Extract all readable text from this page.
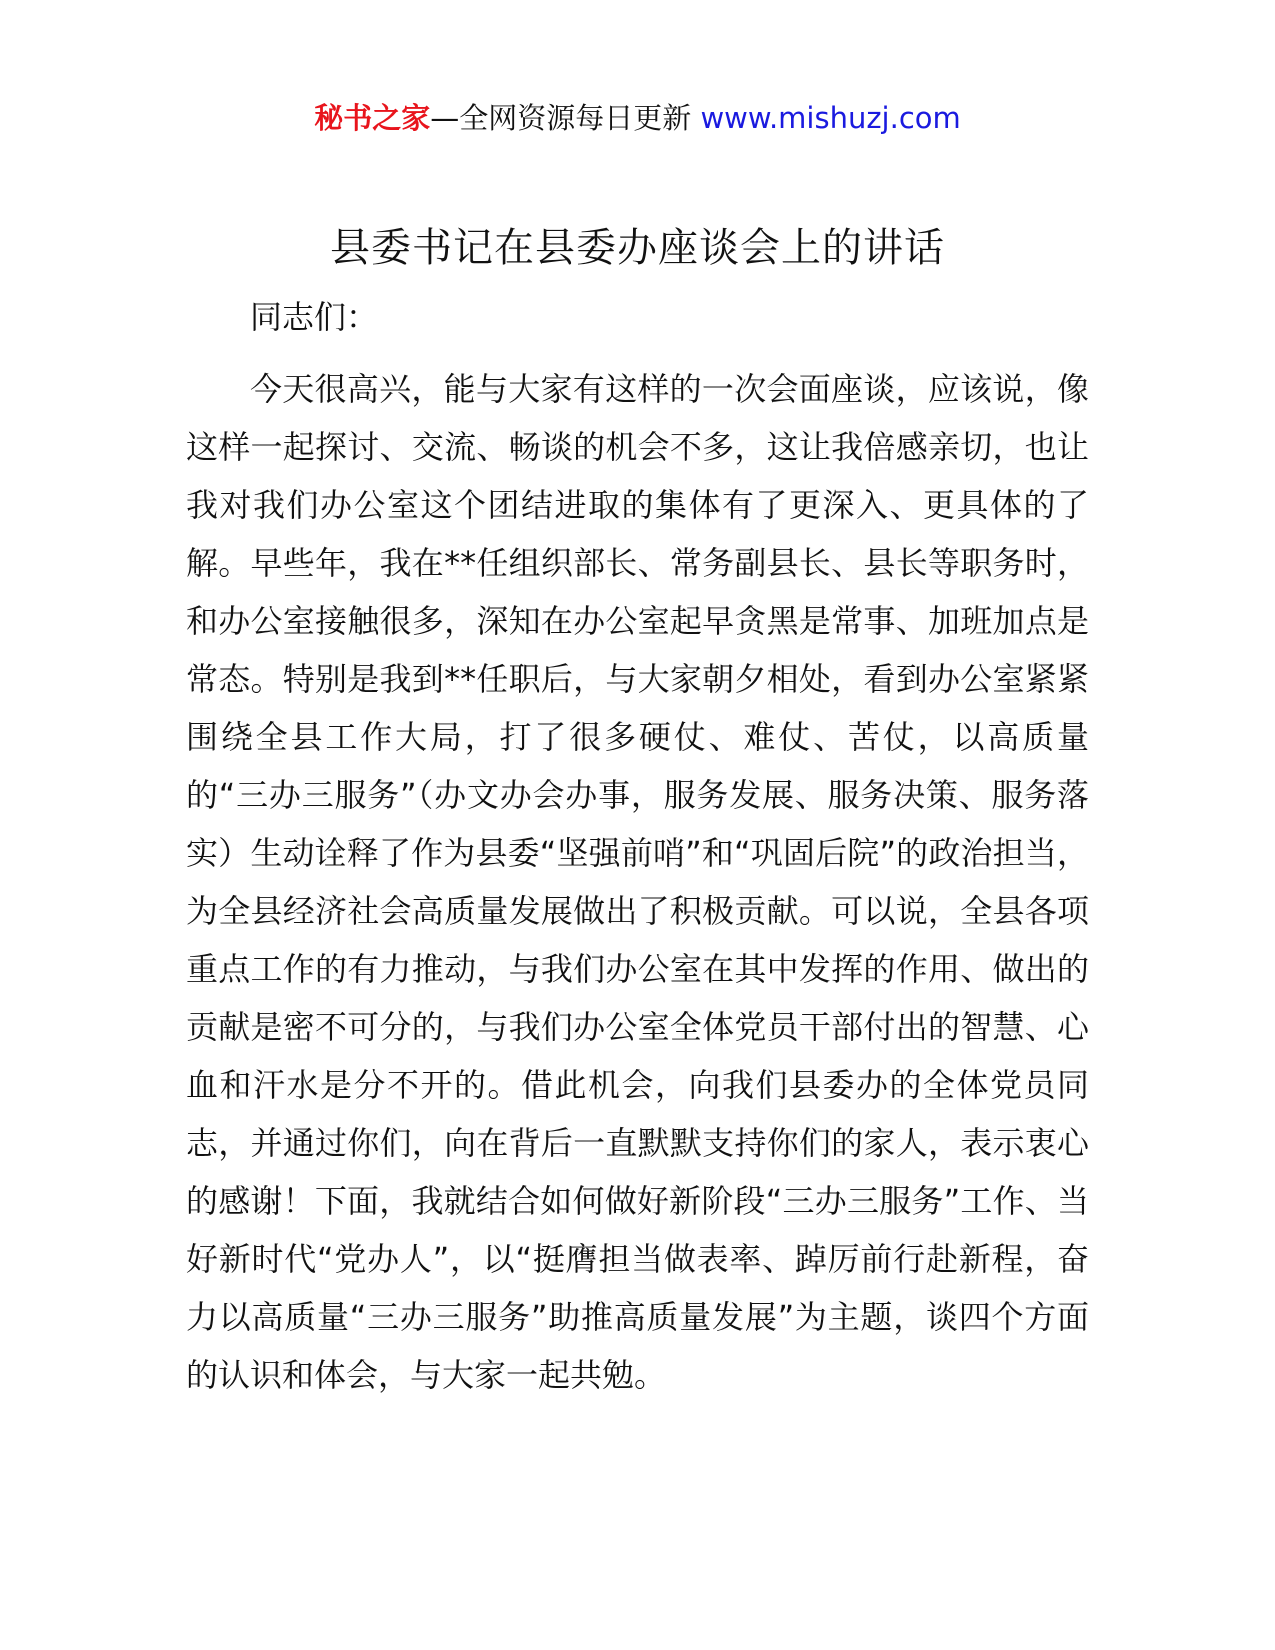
秘书之家—全网资源每日更新 www.mishuzj.com
县委书记在县委办座谈会上的讲话

同志们：

今天很高兴，能与大家有这样的一次会面座谈，应该说，像这样一起探讨、交流、畅谈的机会不多，这让我倍感亲切，也让我对我们办公室这个团结进取的集体有了更深入、更具体的了解。早些年，我在**任组织部长、常务副县长、县长等职务时，和办公室接触很多，深知在办公室起早贪黑是常事、加班加点是常态。特别是我到**任职后，与大家朝夕相处，看到办公室紧紧围绕全县工作大局，打了很多硬仗、难仗、苦仗，以高质量的“三办三服务”（办文办会办事，服务发展、服务决策、服务落实）生动诠释了作为县委“坚强前哨”和“巩固后院”的政治担当，为全县经济社会高质量发展做出了积极贡献。可以说，全县各项重点工作的有力推动，与我们办公室在其中发挥的作用、做出的贡献是密不可分的，与我们办公室全体党员干部付出的智慧、心血和汗水是分不开的。借此机会，向我们县委办的全体党员同志，并通过你们，向在背后一直默默支持你们的家人，表示衷心的感谢！下面，我就结合如何做好新阶段“三办三服务”工作、当好新时代“党办人”，以“挺膺担当做表率、踔厉前行赴新程，奋力以高质量“三办三服务”助推高质量发展”为主题，谈四个方面的认识和体会，与大家一起共勉。
